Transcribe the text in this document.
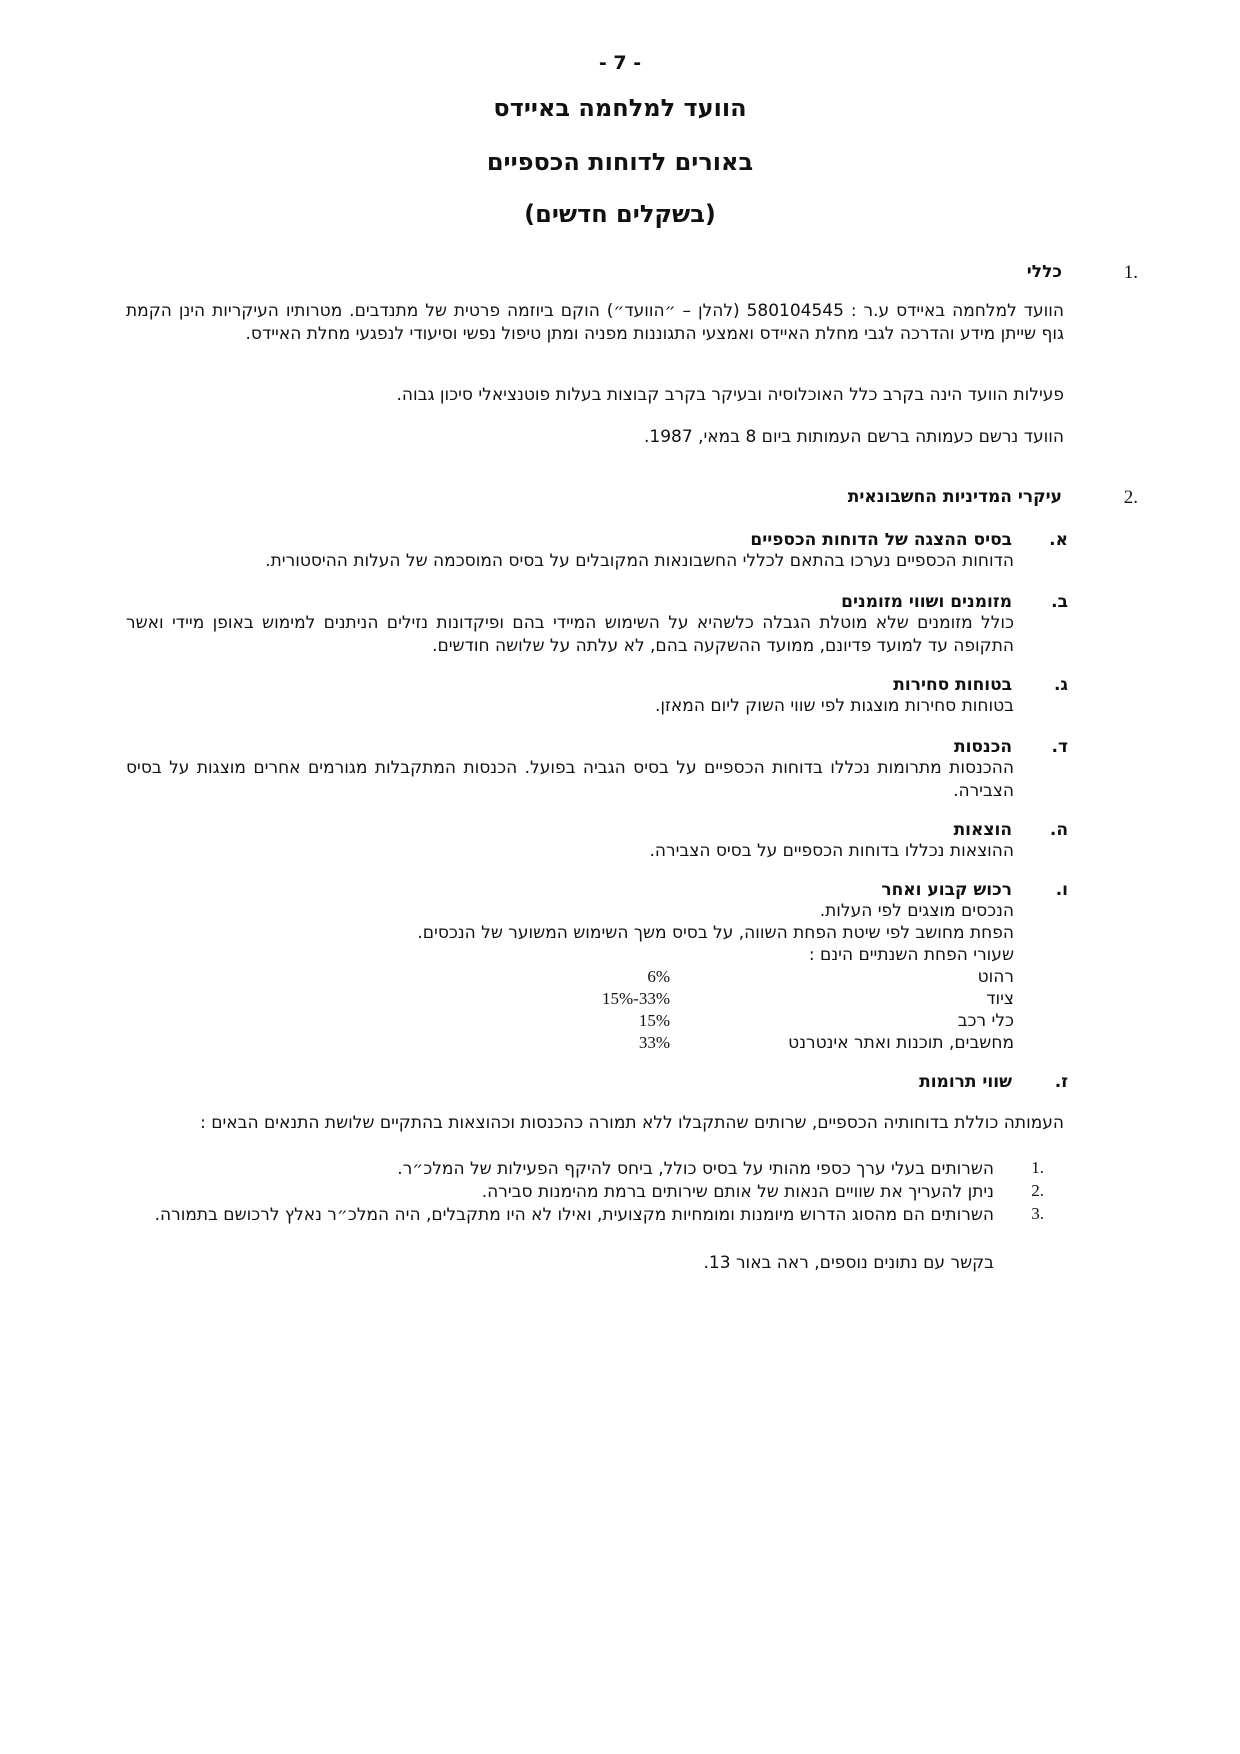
- 7 -
הוועד למלחמה באיידס
באורים לדוחות הכספיים
(בשקלים חדשים)
1.
כללי

הוועד למלחמה באיידס ע.ר : 580104545 (להלן – ״הוועד״) הוקם ביוזמה פרטית של מתנדבים. מטרותיו העיקריות הינן הקמת גוף שייתן מידע והדרכה לגבי מחלת האיידס ואמצעי התגוננות מפניה ומתן טיפול נפשי וסיעודי לנפגעי מחלת האיידס.

פעילות הוועד הינה בקרב כלל האוכלוסיה ובעיקר בקרב קבוצות בעלות פוטנציאלי סיכון גבוה.
הוועד נרשם כעמותה ברשם העמותות ביום 8 במאי, 1987.
2.
עיקרי המדיניות החשבונאית
א.
בסיס ההצגה של הדוחות הכספיים
הדוחות הכספיים נערכו בהתאם לכללי החשבונאות המקובלים על בסיס המוסכמה של העלות ההיסטורית.
ב.
מזומנים ושווי מזומנים
כולל מזומנים שלא מוטלת הגבלה כלשהיא על השימוש המיידי בהם ופיקדונות נזילים הניתנים למימוש באופן מיידי ואשר התקופה עד למועד פדיונם, ממועד ההשקעה בהם, לא עלתה על שלושה חודשים.
ג.
בטוחות סחירות
בטוחות סחירות מוצגות לפי שווי השוק ליום המאזן.
ד.
הכנסות
ההכנסות מתרומות נכללו בדוחות הכספיים על בסיס הגביה בפועל. הכנסות המתקבלות מגורמים אחרים מוצגות על בסיס הצבירה.
ה.
הוצאות
ההוצאות נכללו בדוחות הכספיים על בסיס הצבירה.
ו.
רכוש קבוע ואחר
הנכסים מוצגים לפי העלות.
הפחת מחושב לפי שיטת הפחת השווה, על בסיס משך השימוש המשוער של הנכסים.
שעורי הפחת השנתיים הינם :
רהוט
6%
ציוד
15%-33%
כלי רכב
15%
מחשבים, תוכנות ואתר אינטרנט
33%
ז.
שווי תרומות
העמותה כוללת בדוחותיה הכספיים, שרותים שהתקבלו ללא תמורה כהכנסות וכהוצאות בהתקיים שלושת התנאים הבאים :
1.
השרותים בעלי ערך כספי מהותי על בסיס כולל, ביחס להיקף הפעילות של המלכ״ר.
2.
ניתן להעריך את שוויים הנאות של אותם שירותים ברמת מהימנות סבירה.
3.
השרותים הם מהסוג הדרוש מיומנות ומומחיות מקצועית, ואילו לא היו מתקבלים, היה המלכ״ר נאלץ לרכושם בתמורה.
בקשר עם נתונים נוספים, ראה באור 13.
